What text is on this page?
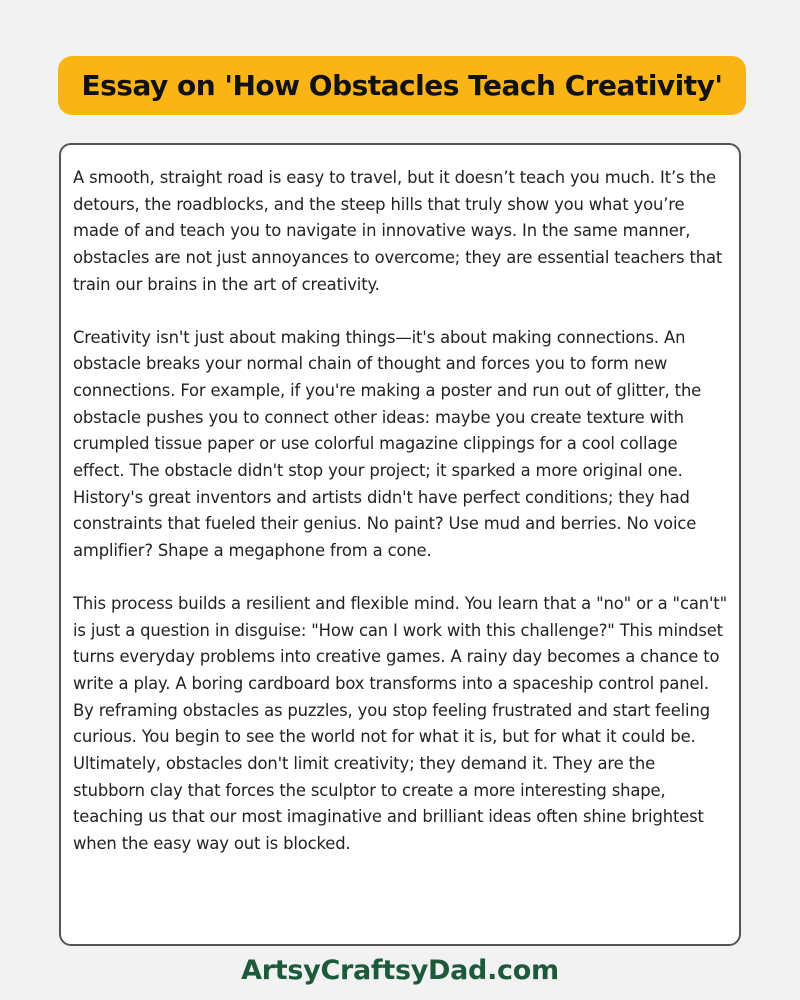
Essay on 'How Obstacles Teach Creativity'

A smooth, straight road is easy to travel, but it doesn’t teach you much. It’s the detours, the roadblocks, and the steep hills that truly show you what you’re made of and teach you to navigate in innovative ways. In the same manner, obstacles are not just annoyances to overcome; they are essential teachers that train our brains in the art of creativity.

Creativity isn't just about making things—it's about making connections. An obstacle breaks your normal chain of thought and forces you to form new connections. For example, if you're making a poster and run out of glitter, the obstacle pushes you to connect other ideas: maybe you create texture with crumpled tissue paper or use colorful magazine clippings for a cool collage effect. The obstacle didn't stop your project; it sparked a more original one. History's great inventors and artists didn't have perfect conditions; they had constraints that fueled their genius. No paint? Use mud and berries. No voice amplifier? Shape a megaphone from a cone.

This process builds a resilient and flexible mind. You learn that a "no" or a "can't" is just a question in disguise: "How can I work with this challenge?" This mindset turns everyday problems into creative games. A rainy day becomes a chance to write a play. A boring cardboard box transforms into a spaceship control panel. By reframing obstacles as puzzles, you stop feeling frustrated and start feeling curious. You begin to see the world not for what it is, but for what it could be. Ultimately, obstacles don't limit creativity; they demand it. They are the stubborn clay that forces the sculptor to create a more interesting shape, teaching us that our most imaginative and brilliant ideas often shine brightest when the easy way out is blocked.

ArtsyCraftsyDad.com
